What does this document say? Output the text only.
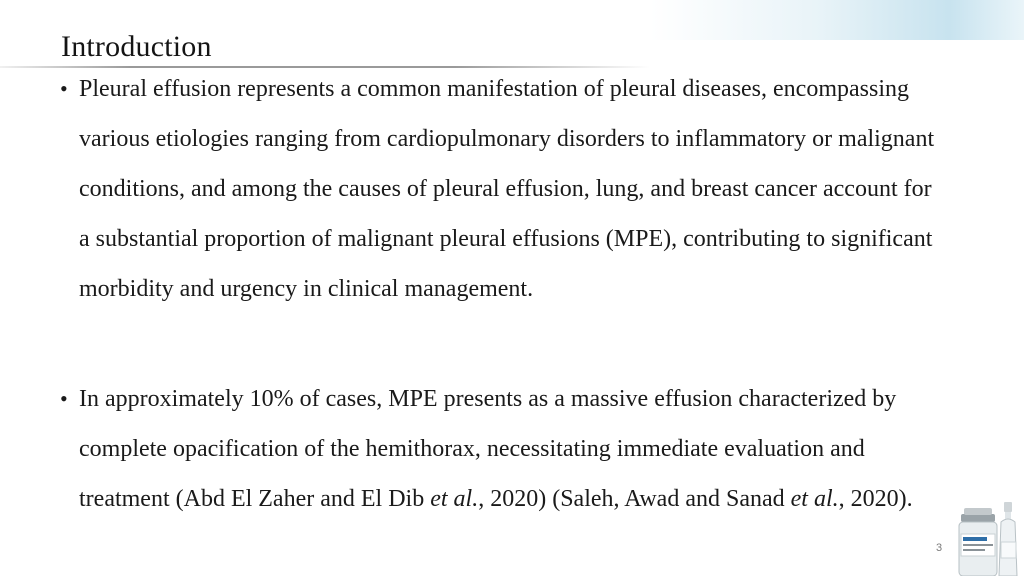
Introduction

• Pleural effusion represents a common manifestation of pleural diseases, encompassing various etiologies ranging from cardiopulmonary disorders to inflammatory or malignant conditions, and among the causes of pleural effusion, lung, and breast cancer account for a substantial proportion of malignant pleural effusions (MPE), contributing to significant morbidity and urgency in clinical management.

• In approximately 10% of cases, MPE presents as a massive effusion characterized by complete opacification of the hemithorax, necessitating immediate evaluation and treatment (Abd El Zaher and El Dib et al., 2020) (Saleh, Awad and Sanad et al., 2020).

3
